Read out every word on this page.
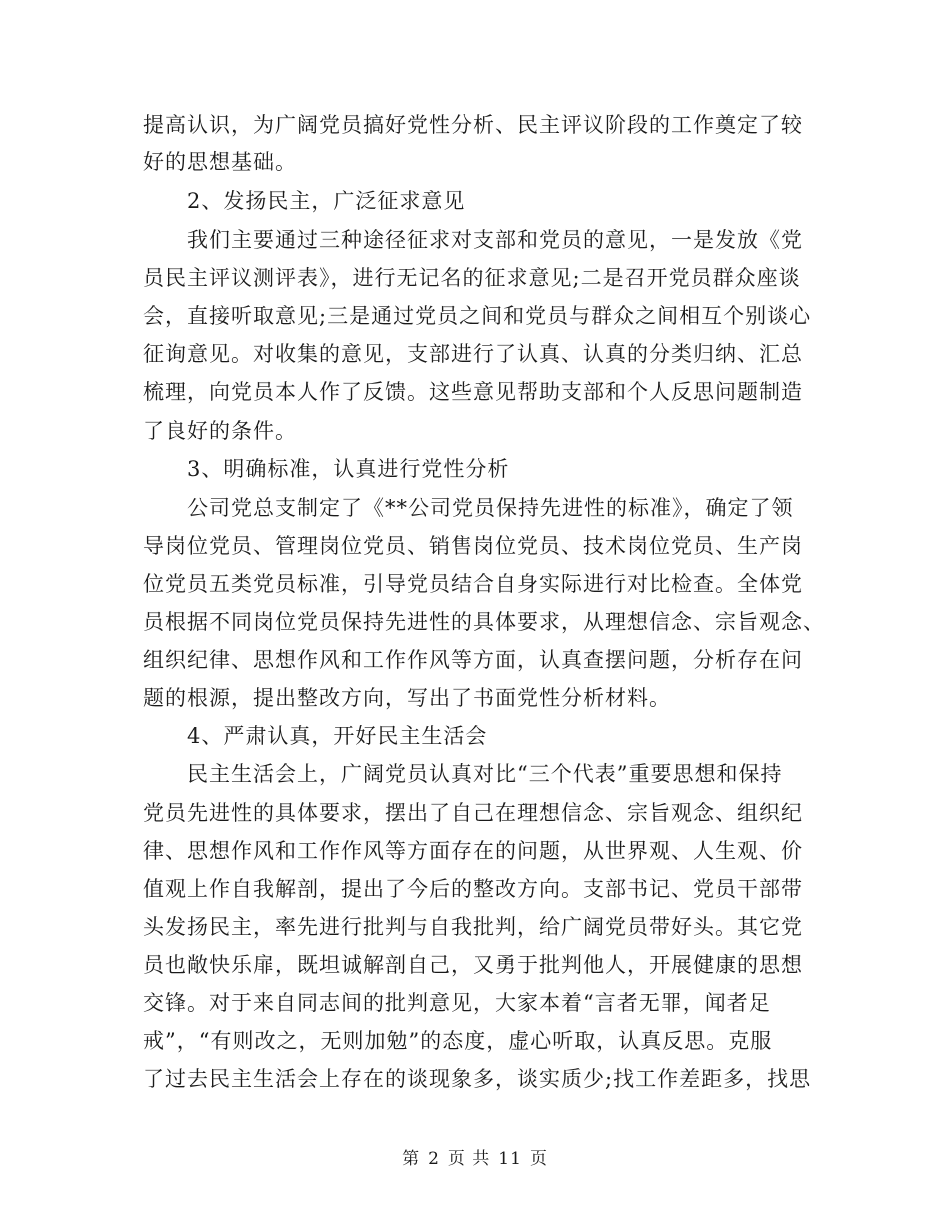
提高认识，为广阔党员搞好党性分析、民主评议阶段的工作奠定了较
好的思想基础。
2、发扬民主，广泛征求意见
我们主要通过三种途径征求对支部和党员的意见，一是发放《党
员民主评议测评表》，进行无记名的征求意见;二是召开党员群众座谈
会，直接听取意见;三是通过党员之间和党员与群众之间相互个别谈心
征询意见。对收集的意见，支部进行了认真、认真的分类归纳、汇总
梳理，向党员本人作了反馈。这些意见帮助支部和个人反思问题制造
了良好的条件。
3、明确标准，认真进行党性分析
公司党总支制定了《**公司党员保持先进性的标准》，确定了领
导岗位党员、管理岗位党员、销售岗位党员、技术岗位党员、生产岗
位党员五类党员标准，引导党员结合自身实际进行对比检查。全体党
员根据不同岗位党员保持先进性的具体要求，从理想信念、宗旨观念、
组织纪律、思想作风和工作作风等方面，认真查摆问题，分析存在问
题的根源，提出整改方向，写出了书面党性分析材料。
4、严肃认真，开好民主生活会
民主生活会上，广阔党员认真对比“三个代表”重要思想和保持
党员先进性的具体要求，摆出了自己在理想信念、宗旨观念、组织纪
律、思想作风和工作作风等方面存在的问题，从世界观、人生观、价
值观上作自我解剖，提出了今后的整改方向。支部书记、党员干部带
头发扬民主，率先进行批判与自我批判，给广阔党员带好头。其它党
员也敞快乐扉，既坦诚解剖自己，又勇于批判他人，开展健康的思想
交锋。对于来自同志间的批判意见，大家本着“言者无罪，闻者足
戒”，“有则改之，无则加勉”的态度，虚心听取，认真反思。克服
了过去民主生活会上存在的谈现象多，谈实质少;找工作差距多，找思
第 2 页 共 11 页
